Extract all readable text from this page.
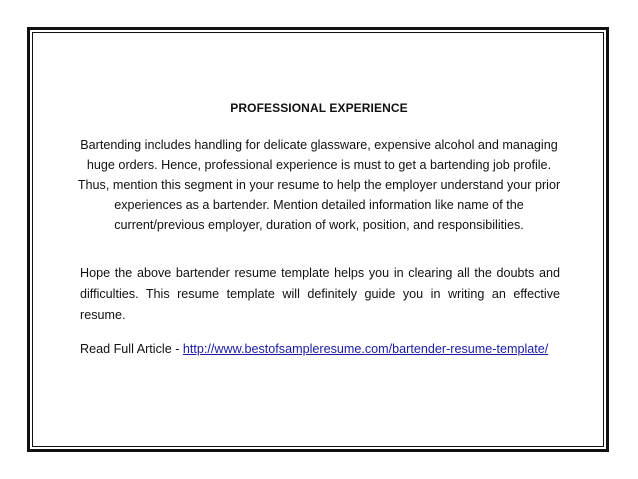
PROFESSIONAL EXPERIENCE
Bartending includes handling for delicate glassware, expensive alcohol and managing
huge orders. Hence, professional experience is must to get a bartending job profile.
Thus, mention this segment in your resume to help the employer understand your prior
experiences as a bartender. Mention detailed information like name of the
current/previous employer, duration of work, position, and responsibilities.
Hope the above bartender resume template helps you in clearing all the doubts and
difficulties. This resume template will definitely guide you in writing an effective
resume.
Read Full Article - http://www.bestofsampleresume.com/bartender-resume-template/
